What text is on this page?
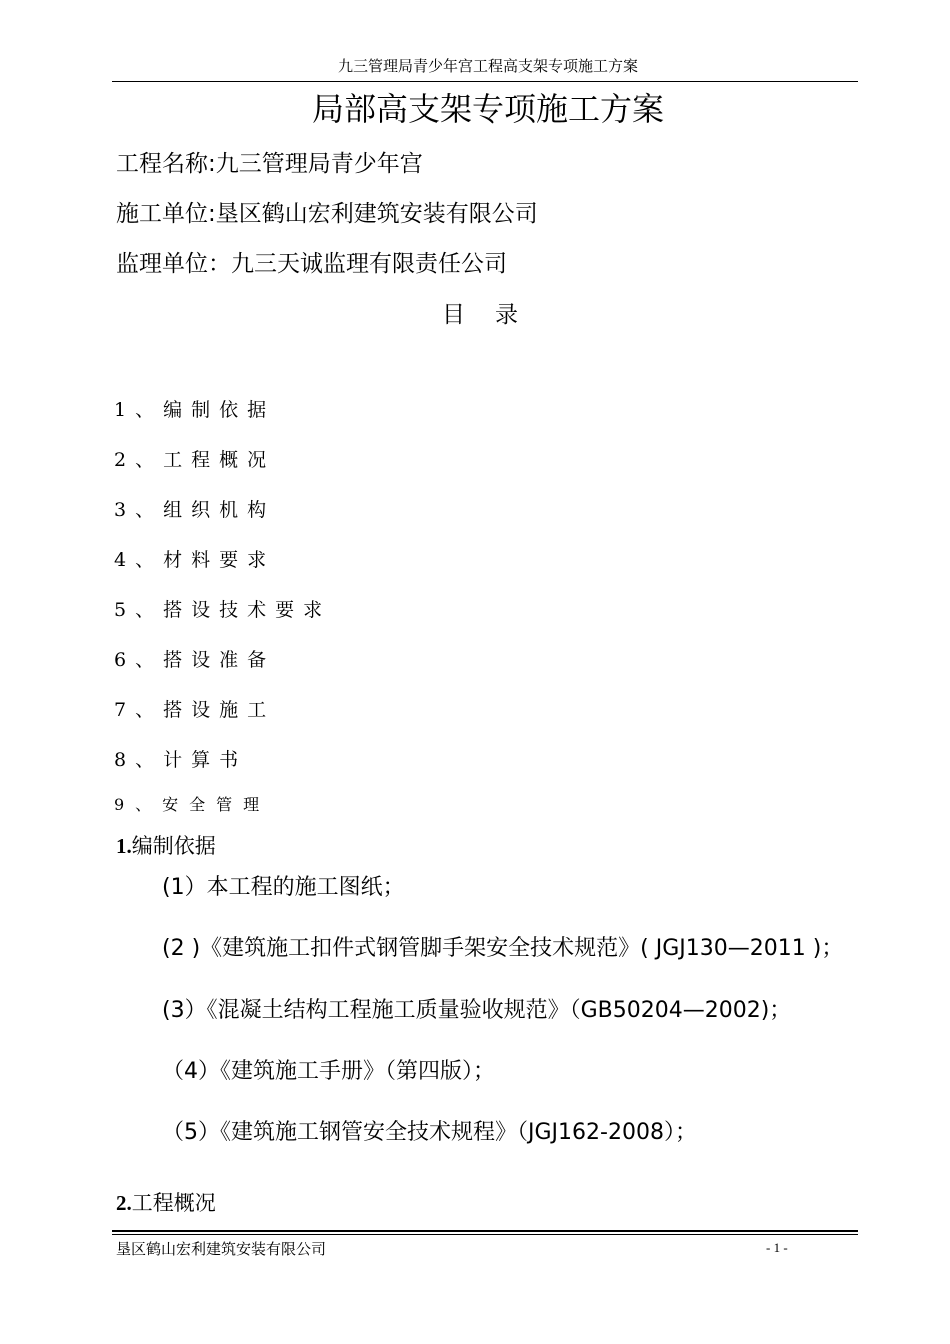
九三管理局青少年宫工程高支架专项施工方案
局部高支架专项施工方案
工程名称:九三管理局青少年宫
施工单位:垦区鹤山宏利建筑安装有限公司
监理单位：九三天诚监理有限责任公司
目录
1、编制依据
2、工程概况
3、组织机构
4、材料要求
5、搭设技术要求
6、搭设准备
7、搭设施工
8、计算书
9、安全管理
1.编制依据
(1）本工程的施工图纸；
(2 )《建筑施工扣件式钢管脚手架安全技术规范》( JGJ130—2011 )；
(3）《混凝土结构工程施工质量验收规范》（GB50204—2002)；
（4）《建筑施工手册》（第四版）；
（5）《建筑施工钢管安全技术规程》（JGJ162-2008）；
2.工程概况
垦区鹤山宏利建筑安装有限公司	- 1 -
